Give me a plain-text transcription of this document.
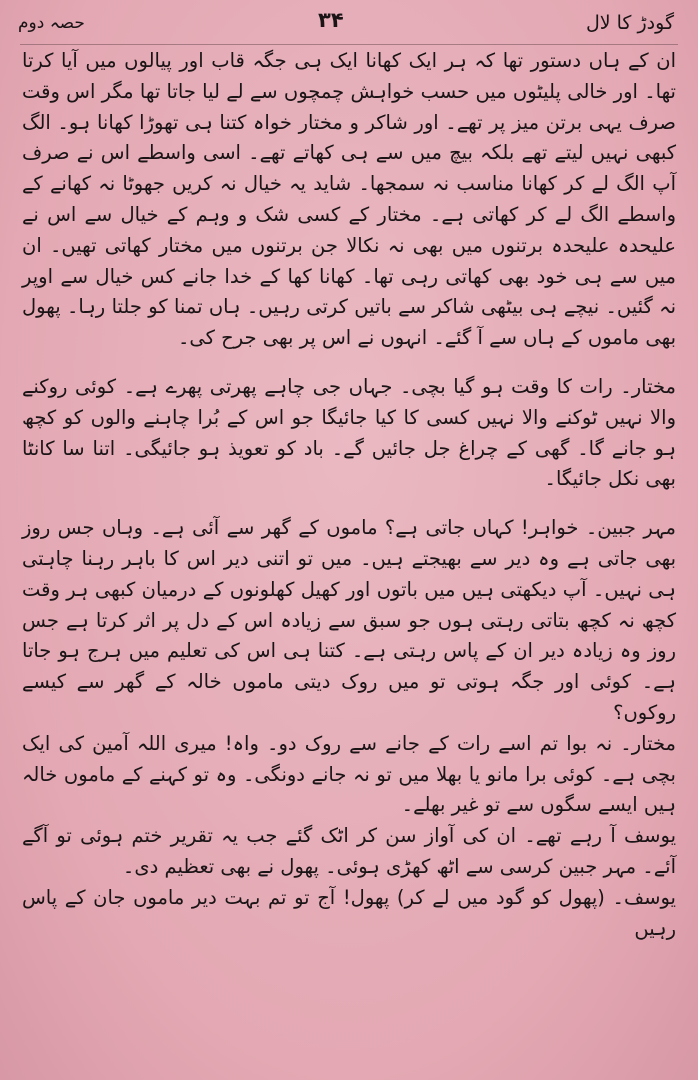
گودڑ کا لال
۳۴
حصہ دوم

ان کے ہاں دستور تھا کہ ہر ایک کھانا ایک ہی جگہ قاب اور پیالوں میں آیا کرتا تھا۔ اور خالی پلیٹوں میں حسب خواہش چمچوں سے لے لیا جاتا تھا مگر اس وقت صرف یہی برتن میز پر تھے۔ اور شاکر و مختار خواہ کتنا ہی تھوڑا کھانا ہو۔ الگ کبھی نہیں لیتے تھے بلکہ بیچ میں سے ہی کھاتے تھے۔ اسی واسطے اس نے صرف آپ الگ لے کر کھانا مناسب نہ سمجھا۔ شاید یہ خیال نہ کریں جھوٹا نہ کھانے کے واسطے الگ لے کر کھاتی ہے۔ مختار کے کسی شک و وہم کے خیال سے اس نے علیحدہ علیحدہ برتنوں میں بھی نہ نکالا جن برتنوں میں مختار کھاتی تھیں۔ ان میں سے ہی خود بھی کھاتی رہی تھا۔ کھانا کھا کے خدا جانے کس خیال سے اوپر نہ گئیں۔ نیچے ہی بیٹھی شاکر سے باتیں کرتی رہیں۔ ہاں تمنا کو جلتا رہا۔ پھول بھی ماموں کے ہاں سے آ گئے۔ انہوں نے اس پر بھی جرح کی۔

مختار۔ رات کا وقت ہو گیا بچی۔ جہاں جی چاہے پھرتی پھرے ہے۔ کوئی روکنے والا نہیں ٹوکنے والا نہیں کسی کا کیا جائیگا جو اس کے بُرا چاہنے والوں کو کچھ ہو جانے گا۔ گھی کے چراغ جل جائیں گے۔ باد کو تعویذ ہو جائیگی۔ اتنا سا کانٹا بھی نکل جائیگا۔

مہر جبین۔ خواہر! کہاں جاتی ہے؟ ماموں کے گھر سے آئی ہے۔ وہاں جس روز بھی جاتی ہے وہ دیر سے بھیجتے ہیں۔ میں تو اتنی دیر اس کا باہر رہنا چاہتی ہی نہیں۔ آپ دیکھتی ہیں میں باتوں اور کھیل کھلونوں کے درمیان کبھی ہر وقت کچھ نہ کچھ بتاتی رہتی ہوں جو سبق سے زیادہ اس کے دل پر اثر کرتا ہے جس روز وہ زیادہ دیر ان کے پاس رہتی ہے۔ کتنا ہی اس کی تعلیم میں ہرج ہو جاتا ہے۔ کوئی اور جگہ ہوتی تو میں روک دیتی ماموں خالہ کے گھر سے کیسے روکوں؟

مختار۔ نہ بوا تم اسے رات کے جانے سے روک دو۔ واہ! میری اللہ آمین کی ایک بچی ہے۔ کوئی برا مانو یا بھلا میں تو نہ جانے دونگی۔ وہ تو کہنے کے ماموں خالہ ہیں ایسے سگوں سے تو غیر بھلے۔

یوسف آ رہے تھے۔ ان کی آواز سن کر اٹک گئے جب یہ تقریر ختم ہوئی تو آگے آئے۔ مہر جبین کرسی سے اٹھ کھڑی ہوئی۔ پھول نے بھی تعظیم دی۔

یوسف۔ (پھول کو گود میں لے کر) پھول! آج تو تم بہت دیر ماموں جان کے پاس رہیں
